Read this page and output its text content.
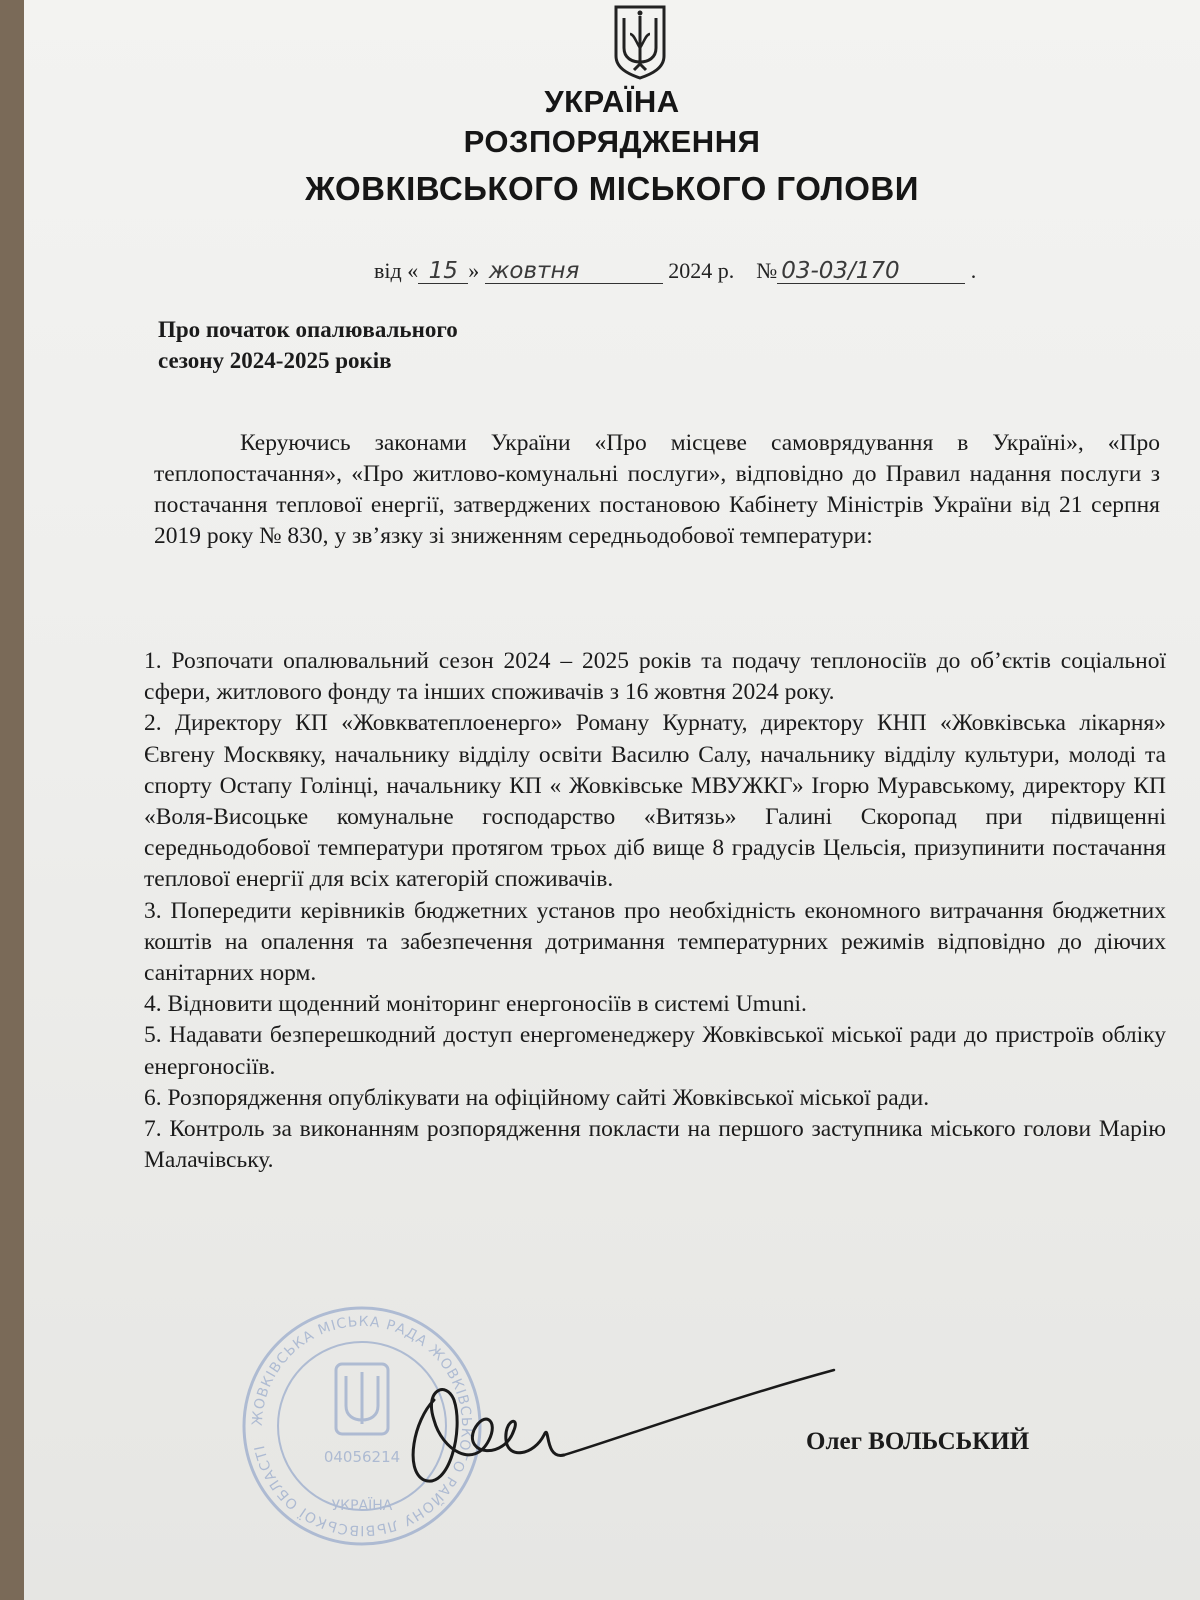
УКРАЇНА
РОЗПОРЯДЖЕННЯ
ЖОВКІВСЬКОГО МІСЬКОГО ГОЛОВИ
від « 15 » жовтня	2024 р. № 03-03/170	.
Про початок опалювального
сезону 2024-2025 років

Керуючись законами України «Про місцеве самоврядування в Україні», «Про теплопостачання», «Про житлово-комунальні послуги», відповідно до Правил надання послуги з постачання теплової енергії, затверджених постановою Кабінету Міністрів України від 21 серпня 2019 року № 830, у зв’язку зі зниженням середньодобової температури:

1. Розпочати опалювальний сезон 2024 – 2025 років та подачу теплоносіїв до об’єктів соціальної сфери, житлового фонду та інших споживачів з 16 жовтня 2024 року.

2. Директору КП «Жовкватеплоенерго» Роману Курнату, директору КНП «Жовківська лікарня» Євгену Москвяку, начальнику відділу освіти Василю Салу, начальнику відділу культури, молоді та спорту Остапу Голінці, начальнику КП « Жовківське МВУЖКГ» Ігорю Муравському, директору КП «Воля-Висоцьке комунальне господарство «Витязь» Галині Скоропад при підвищенні середньодобової температури протягом трьох діб вище 8 градусів Цельсія, призупинити постачання теплової енергії для всіх категорій споживачів.

3. Попередити керівників бюджетних установ про необхідність економного витрачання бюджетних коштів на опалення та забезпечення дотримання температурних режимів відповідно до діючих санітарних норм.

4. Відновити щоденний моніторинг енергоносіїв в системі Umuni.

5. Надавати безперешкодний доступ енергоменеджеру Жовківської міської ради до пристроїв обліку енергоносіїв.

6. Розпорядження опублікувати на офіційному сайті Жовківської міської ради.

7. Контроль за виконанням розпорядження покласти на першого заступника міського голови Марію Малачівську.

ЖОВКІВСЬКА МІСЬКА РАДА ЖОВКІВСЬКОГО РАЙОНУ ЛЬВІВСЬКОЇ ОБЛАСТІ
04056214
УКРАЇНА
Олег ВОЛЬСЬКИЙ
